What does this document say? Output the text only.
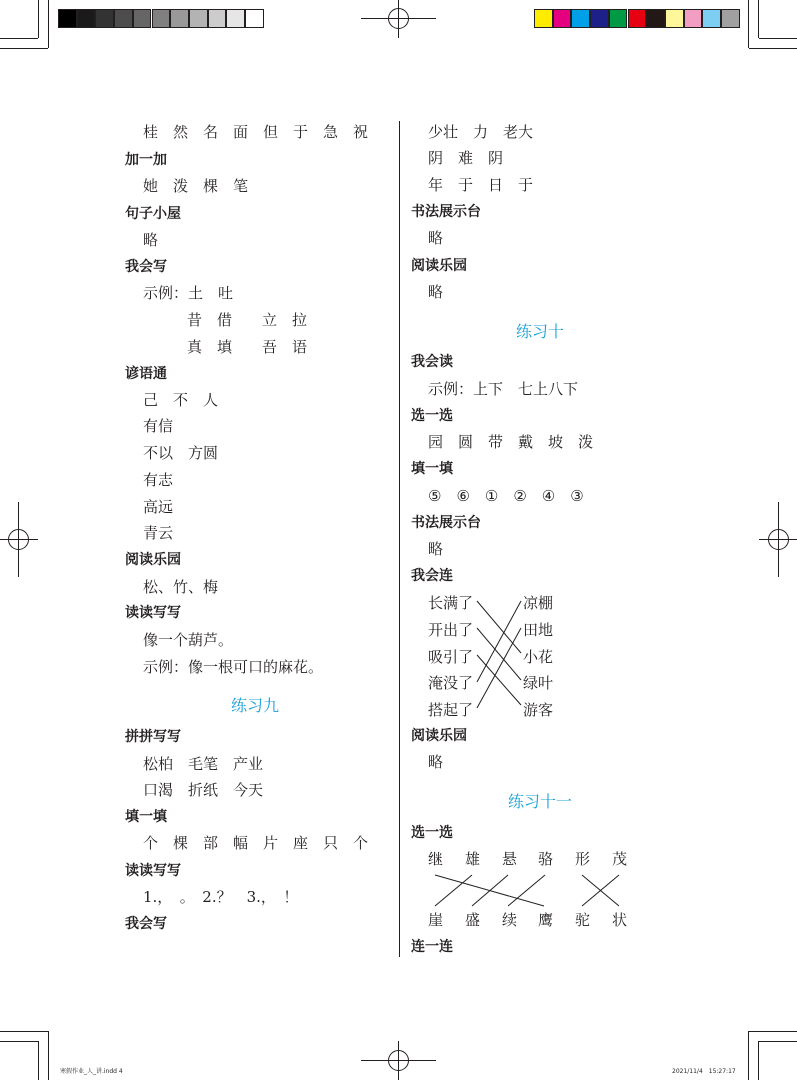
桂　然　名　面　但　于　急　祝
加一加
她　泼　棵　笔
句子小屋
略
我会写
示例：土　吐
昔　借　　立　拉
真　填　　吾　语
谚语通
己　不　人
有信
不以　方圆
有志
高远
青云
阅读乐园
松、竹、梅
读读写写
像一个葫芦。
示例：像一根可口的麻花。
练习九
拼拼写写
松柏　毛笔　产业
口渴　折纸　今天
填一填
个　棵　部　幅　片　座　只　个
读读写写
1.，　。　2.？　3.，　！
我会写
少壮　力　老大
阴　难　阴
年　于　日　于
书法展示台
略
阅读乐园
略
练习十
我会读
示例：上下　七上八下
选一选
园　圆　带　戴　坡　泼
填一填
⑤　⑥　①　②　④　③
书法展示台
略
我会连
长满了
开出了
吸引了
淹没了
搭起了
凉棚
田地
小花
绿叶
游客
阅读乐园
略
练习十一
选一选
继 雄 悬 骆 形 茂
崖 盛 续 鹰 驼 状
连一连
寒假作业_人_讲.indd 4	2021/11/4　15:27:17
